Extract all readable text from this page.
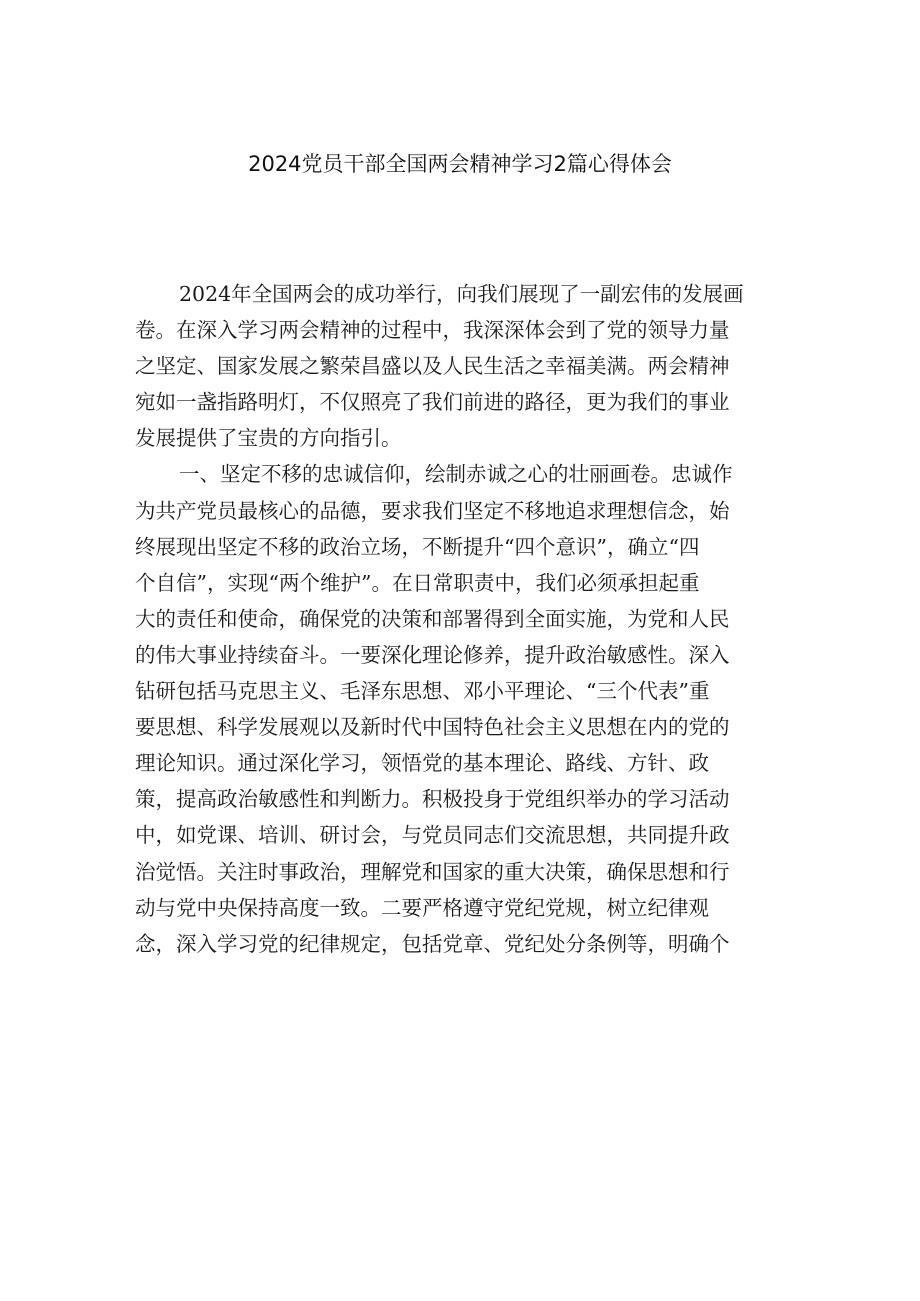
2024党员干部全国两会精神学习2篇心得体会
2024年全国两会的成功举行，向我们展现了一副宏伟的发展画
卷。在深入学习两会精神的过程中，我深深体会到了党的领导力量
之坚定、国家发展之繁荣昌盛以及人民生活之幸福美满。两会精神
宛如一盏指路明灯，不仅照亮了我们前进的路径，更为我们的事业
发展提供了宝贵的方向指引。
一、坚定不移的忠诚信仰，绘制赤诚之心的壮丽画卷。忠诚作
为共产党员最核心的品德，要求我们坚定不移地追求理想信念，始
终展现出坚定不移的政治立场，不断提升“四个意识”，确立“四
个自信”，实现“两个维护”。在日常职责中，我们必须承担起重
大的责任和使命，确保党的决策和部署得到全面实施，为党和人民
的伟大事业持续奋斗。一要深化理论修养，提升政治敏感性。深入
钻研包括马克思主义、毛泽东思想、邓小平理论、“三个代表”重
要思想、科学发展观以及新时代中国特色社会主义思想在内的党的
理论知识。通过深化学习，领悟党的基本理论、路线、方针、政
策，提高政治敏感性和判断力。积极投身于党组织举办的学习活动
中，如党课、培训、研讨会，与党员同志们交流思想，共同提升政
治觉悟。关注时事政治，理解党和国家的重大决策，确保思想和行
动与党中央保持高度一致。二要严格遵守党纪党规，树立纪律观
念，深入学习党的纪律规定，包括党章、党纪处分条例等，明确个
